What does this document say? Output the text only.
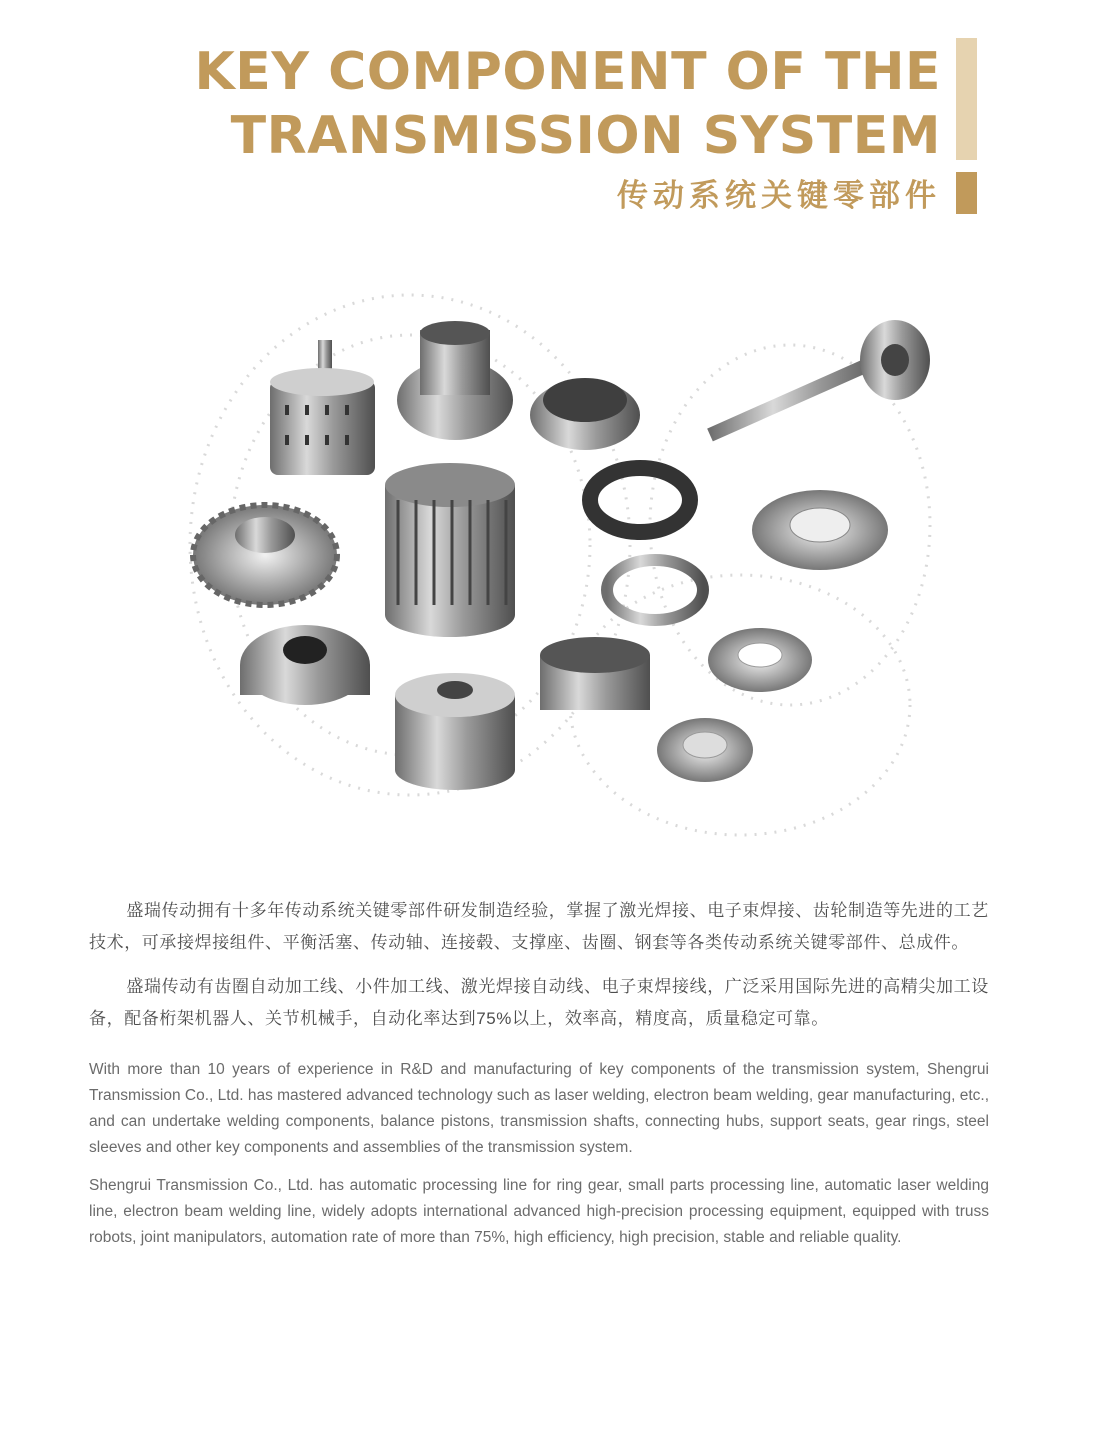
KEY COMPONENT OF THE
TRANSMISSION SYSTEM
传动系统关键零部件

盛瑞传动拥有十多年传动系统关键零部件研发制造经验，掌握了激光焊接、电子束焊接、齿轮制造等先进的工艺技术，可承接焊接组件、平衡活塞、传动轴、连接毂、支撑座、齿圈、钢套等各类传动系统关键零部件、总成件。

盛瑞传动有齿圈自动加工线、小件加工线、激光焊接自动线、电子束焊接线，广泛采用国际先进的高精尖加工设备，配备桁架机器人、关节机械手，自动化率达到75%以上，效率高，精度高，质量稳定可靠。

With more than 10 years of experience in R&D and manufacturing of key components of the transmission system, Shengrui Transmission Co., Ltd. has mastered advanced technology such as laser welding, electron beam welding, gear manufacturing, etc., and can undertake welding components, balance pistons, transmission shafts, connecting hubs, support seats, gear rings, steel sleeves and other key components and assemblies of the transmission system.

Shengrui Transmission Co., Ltd. has automatic processing line for ring gear, small parts processing line, automatic laser welding line, electron beam welding line, widely adopts international advanced high-precision processing equipment, equipped with truss robots, joint manipulators, automation rate of more than 75%, high efficiency, high precision, stable and reliable quality.
